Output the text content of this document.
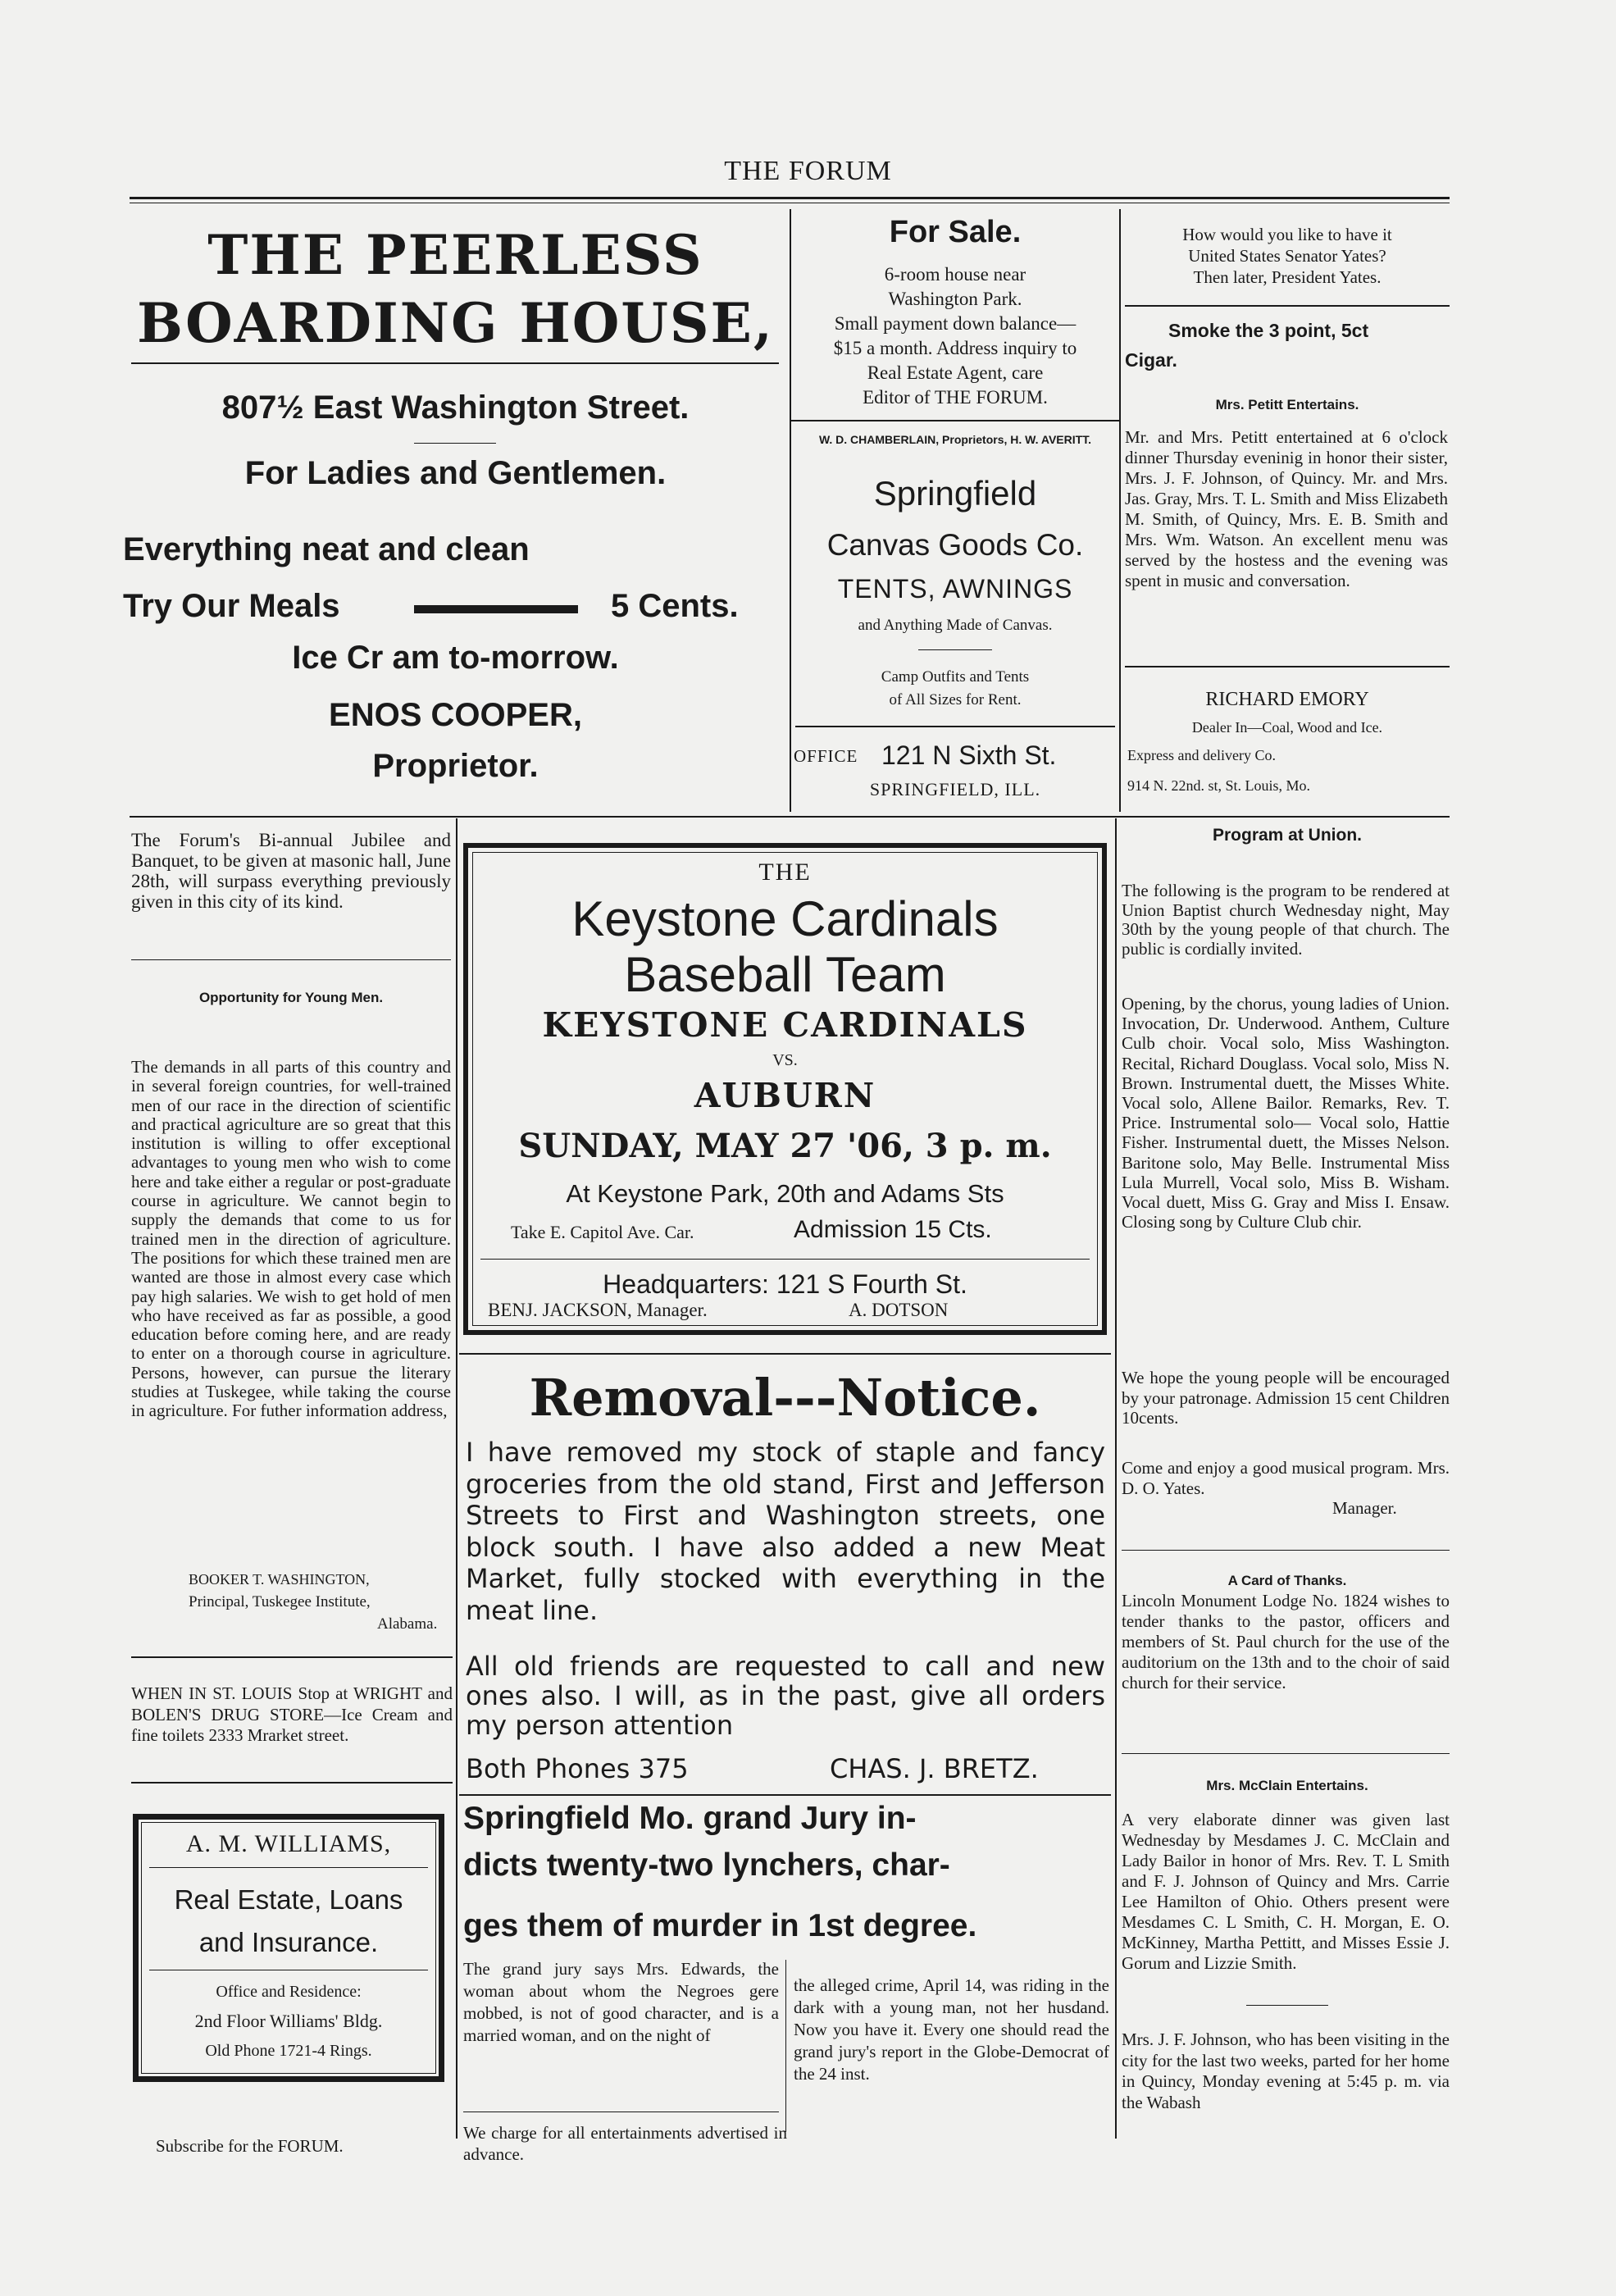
THE FORUM
THE PEERLESS
BOARDING HOUSE,
807½ East Washington Street.
For Ladies and Gentlemen.
Everything neat and clean
Try Our Meals	5 Cents.
Ice Cr am to-morrow.
ENOS COOPER,
Proprietor.
For Sale.
6-room house near
Washington Park.
Small payment down balance—
$15 a month. Address inquiry to
Real Estate Agent, care
Editor of THE FORUM.
W. D. CHAMBERLAIN, Proprietors, H. W. AVERITT.
Springfield
Canvas Goods Co.
TENTS, AWNINGS
and Anything Made of Canvas.
Camp Outfits and Tents
of All Sizes for Rent.
OFFICE 121 N Sixth St.
SPRINGFIELD, ILL.
How would you like to have it
United States Senator Yates?
Then later, President Yates.
Smoke the 3 point, 5ct
Cigar.
Mrs. Petitt Entertains.
Mr. and Mrs. Petitt entertained at 6 o'clock dinner Thursday eveninig in honor their sister, Mrs. J. F. Johnson, of Quincy. Mr. and Mrs. Jas. Gray, Mrs. T. L. Smith and Miss Elizabeth M. Smith, of Quincy, Mrs. E. B. Smith and Mrs. Wm. Watson. An excellent menu was served by the hostess and the evening was spent in music and conversation.
RICHARD EMORY
Dealer In—Coal, Wood and Ice.
Express and delivery Co.
914 N. 22nd. st, St. Louis, Mo.
The Forum's Bi-annual Jubilee and Banquet, to be given at masonic hall, June 28th, will surpass everything previously given in this city of its kind.
Opportunity for Young Men.
The demands in all parts of this country and in several foreign countries, for well-trained men of our race in the direction of scientific and practical agriculture are so great that this institution is willing to offer exceptional advantages to young men who wish to come here and take either a regular or post-graduate course in agriculture. We cannot begin to supply the demands that come to us for trained men in the direction of agriculture. The positions for which these trained men are wanted are those in almost every case which pay high salaries. We wish to get hold of men who have received as far as possible, a good education before coming here, and are ready to enter on a thorough course in agriculture. Persons, however, can pursue the literary studies at Tuskegee, while taking the course in agriculture. For futher information address,
BOOKER T. WASHINGTON,
Principal, Tuskegee Institute,
Alabama.
WHEN IN ST. LOUIS Stop at WRIGHT and BOLEN'S DRUG STORE—Ice Cream and fine toilets 2333 Mrarket street.
A. M. WILLIAMS,
Real Estate, Loans
and Insurance.
Office and Residence:
2nd Floor Williams' Bldg.
Old Phone 1721-4 Rings.
Subscribe for the FORUM.
THE
Keystone Cardinals
Baseball Team
KEYSTONE CARDINALS
VS.
AUBURN
SUNDAY, MAY 27 '06, 3 p. m.
At Keystone Park, 20th and Adams Sts
Take E. Capitol Ave. Car.	Admission 15 Cts.
Headquarters: 121 S Fourth St.
BENJ. JACKSON, Manager.	A. DOTSON
Removal---Notice.
I have removed my stock of staple and fancy groceries from the old stand, First and Jefferson Streets to First and Washington streets, one block south. I have also added a new Meat Market, fully stocked with everything in the meat line.
All old friends are requested to call and new ones also. I will, as in the past, give all orders my person attention
Both Phones 375	CHAS. J. BRETZ.
Springfield Mo. grand Jury in-
dicts twenty-two lynchers, char-
ges them of murder in 1st degree.
The grand jury says Mrs. Edwards, the woman about whom the Negroes gere mobbed, is not of good character, and is a married woman, and on the night of
the alleged crime, April 14, was riding in the dark with a young man, not her husdand. Now you have it. Every one should read the grand jury's report in the Globe-Democrat of the 24 inst.
We charge for all entertainments advertised in advance.
Program at Union.
The following is the program to be rendered at Union Baptist church Wednesday night, May 30th by the young people of that church. The public is cordially invited.
Opening, by the chorus, young ladies of Union. Invocation, Dr. Underwood. Anthem, Culture Culb choir. Vocal solo, Miss Washington. Recital, Richard Douglass. Vocal solo, Miss N. Brown. Instrumental duett, the Misses White. Vocal solo, Allene Bailor. Remarks, Rev. T. Price. Instrumental solo— Vocal solo, Hattie Fisher. Instrumental duett, the Misses Nelson. Baritone solo, May Belle. Instrumental Miss Lula Murrell, Vocal solo, Miss B. Wisham. Vocal duett, Miss G. Gray and Miss I. Ensaw. Closing song by Culture Club chir.
We hope the young people will be encouraged by your patronage. Admission 15 cent Children 10cents.
Come and enjoy a good musical program. Mrs. D. O. Yates.
Manager.
A Card of Thanks.
Lincoln Monument Lodge No. 1824 wishes to tender thanks to the pastor, officers and members of St. Paul church for the use of the auditorium on the 13th and to the choir of said church for their service.
Mrs. McClain Entertains.
A very elaborate dinner was given last Wednesday by Mesdames J. C. McClain and Lady Bailor in honor of Mrs. Rev. T. L Smith and F. J. Johnson of Quincy and Mrs. Carrie Lee Hamilton of Ohio. Others present were Mesdames C. L Smith, C. H. Morgan, E. O. McKinney, Martha Pettitt, and Misses Essie J. Gorum and Lizzie Smith.
Mrs. J. F. Johnson, who has been visiting in the city for the last two weeks, parted for her home in Quincy, Monday evening at 5:45 p. m. via the Wabash
